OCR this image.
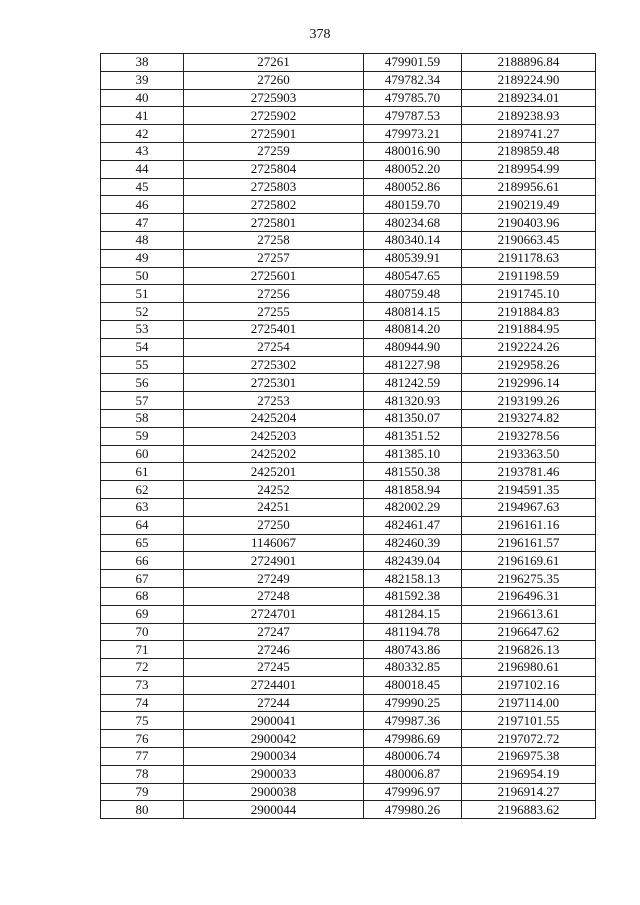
378
38	27261	479901.59	2188896.84
39	27260	479782.34	2189224.90
40	2725903	479785.70	2189234.01
41	2725902	479787.53	2189238.93
42	2725901	479973.21	2189741.27
43	27259	480016.90	2189859.48
44	2725804	480052.20	2189954.99
45	2725803	480052.86	2189956.61
46	2725802	480159.70	2190219.49
47	2725801	480234.68	2190403.96
48	27258	480340.14	2190663.45
49	27257	480539.91	2191178.63
50	2725601	480547.65	2191198.59
51	27256	480759.48	2191745.10
52	27255	480814.15	2191884.83
53	2725401	480814.20	2191884.95
54	27254	480944.90	2192224.26
55	2725302	481227.98	2192958.26
56	2725301	481242.59	2192996.14
57	27253	481320.93	2193199.26
58	2425204	481350.07	2193274.82
59	2425203	481351.52	2193278.56
60	2425202	481385.10	2193363.50
61	2425201	481550.38	2193781.46
62	24252	481858.94	2194591.35
63	24251	482002.29	2194967.63
64	27250	482461.47	2196161.16
65	1146067	482460.39	2196161.57
66	2724901	482439.04	2196169.61
67	27249	482158.13	2196275.35
68	27248	481592.38	2196496.31
69	2724701	481284.15	2196613.61
70	27247	481194.78	2196647.62
71	27246	480743.86	2196826.13
72	27245	480332.85	2196980.61
73	2724401	480018.45	2197102.16
74	27244	479990.25	2197114.00
75	2900041	479987.36	2197101.55
76	2900042	479986.69	2197072.72
77	2900034	480006.74	2196975.38
78	2900033	480006.87	2196954.19
79	2900038	479996.97	2196914.27
80	2900044	479980.26	2196883.62
